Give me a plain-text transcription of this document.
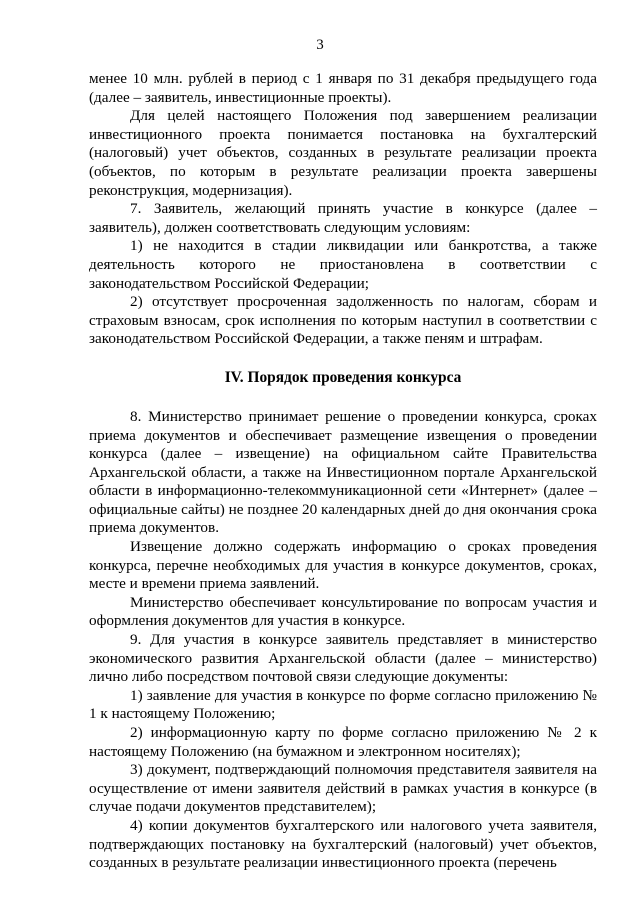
3

менее 10 млн. рублей в период с 1 января по 31 декабря предыдущего года (далее – заявитель, инвестиционные проекты).

Для целей настоящего Положения под завершением реализации инвестиционного проекта понимается постановка на бухгалтерский (налоговый) учет объектов, созданных в результате реализации проекта (объектов, по которым в результате реализации проекта завершены реконструкция, модернизация).

7. Заявитель, желающий принять участие в конкурсе (далее – заявитель), должен соответствовать следующим условиям:

1) не находится в стадии ликвидации или банкротства, а также деятельность которого не приостановлена в соответствии с законодательством Российской Федерации;

2) отсутствует просроченная задолженность по налогам, сборам и страховым взносам, срок исполнения по которым наступил в соответствии с законодательством Российской Федерации, а также пеням и штрафам.

IV. Порядок проведения конкурса

8. Министерство принимает решение о проведении конкурса, сроках приема документов и обеспечивает размещение извещения о проведении конкурса (далее – извещение) на официальном сайте Правительства Архангельской области, а также на Инвестиционном портале Архангельской области в информационно-телекоммуникационной сети «Интернет» (далее – официальные сайты) не позднее 20 календарных дней до дня окончания срока приема документов.

Извещение должно содержать информацию о сроках проведения конкурса, перечне необходимых для участия в конкурсе документов, сроках, месте и времени приема заявлений.

Министерство обеспечивает консультирование по вопросам участия и оформления документов для участия в конкурсе.

9. Для участия в конкурсе заявитель представляет в министерство экономического развития Архангельской области (далее – министерство) лично либо посредством почтовой связи следующие документы:

1) заявление для участия в конкурсе по форме согласно приложению № 1 к настоящему Положению;

2) информационную карту по форме согласно приложению № 2 к настоящему Положению (на бумажном и электронном носителях);

3) документ, подтверждающий полномочия представителя заявителя на осуществление от имени заявителя действий в рамках участия в конкурсе (в случае подачи документов представителем);

4) копии документов бухгалтерского или налогового учета заявителя, подтверждающих постановку на бухгалтерский (налоговый) учет объектов, созданных в результате реализации инвестиционного проекта (перечень
